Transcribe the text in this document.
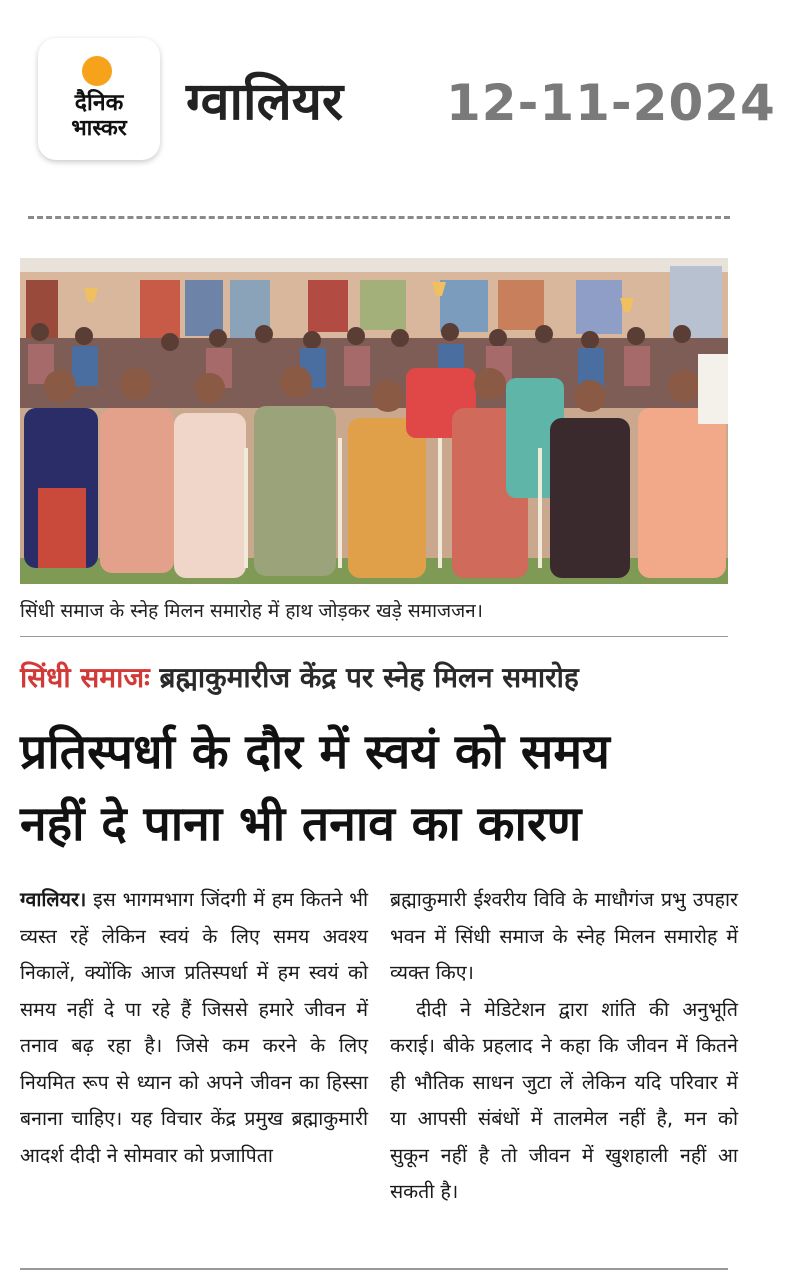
दैनिक
भास्कर	ग्वालियर 12-11-2024
सिंधी समाज के स्नेह मिलन समारोह में हाथ जोड़कर खड़े समाजजन।
सिंधी समाजः ब्रह्माकुमारीज केंद्र पर स्नेह मिलन समारोह
प्रतिस्पर्धा के दौर में स्वयं को समय
नहीं दे पाना भी तनाव का कारण

ग्वालियर। इस भागमभाग जिंदगी में हम कितने भी व्यस्त रहें लेकिन स्वयं के लिए समय अवश्य निकालें, क्योंकि आज प्रतिस्पर्धा में हम स्वयं को समय नहीं दे पा रहे हैं जिससे हमारे जीवन में तनाव बढ़ रहा है। जिसे कम करने के लिए नियमित रूप से ध्यान को अपने जीवन का हिस्सा बनाना चाहिए। यह विचार केंद्र प्रमुख ब्रह्माकुमारी आदर्श दीदी ने सोमवार को प्रजापिता

ब्रह्माकुमारी ईश्वरीय विवि के माधौगंज प्रभु उपहार भवन में सिंधी समाज के स्नेह मिलन समारोह में व्यक्त किए।

दीदी ने मेडिटेशन द्वारा शांति की अनुभूति कराई। बीके प्रहलाद ने कहा कि जीवन में कितने ही भौतिक साधन जुटा लें लेकिन यदि परिवार में या आपसी संबंधों में तालमेल नहीं है, मन को सुकून नहीं है तो जीवन में खुशहाली नहीं आ सकती है।
